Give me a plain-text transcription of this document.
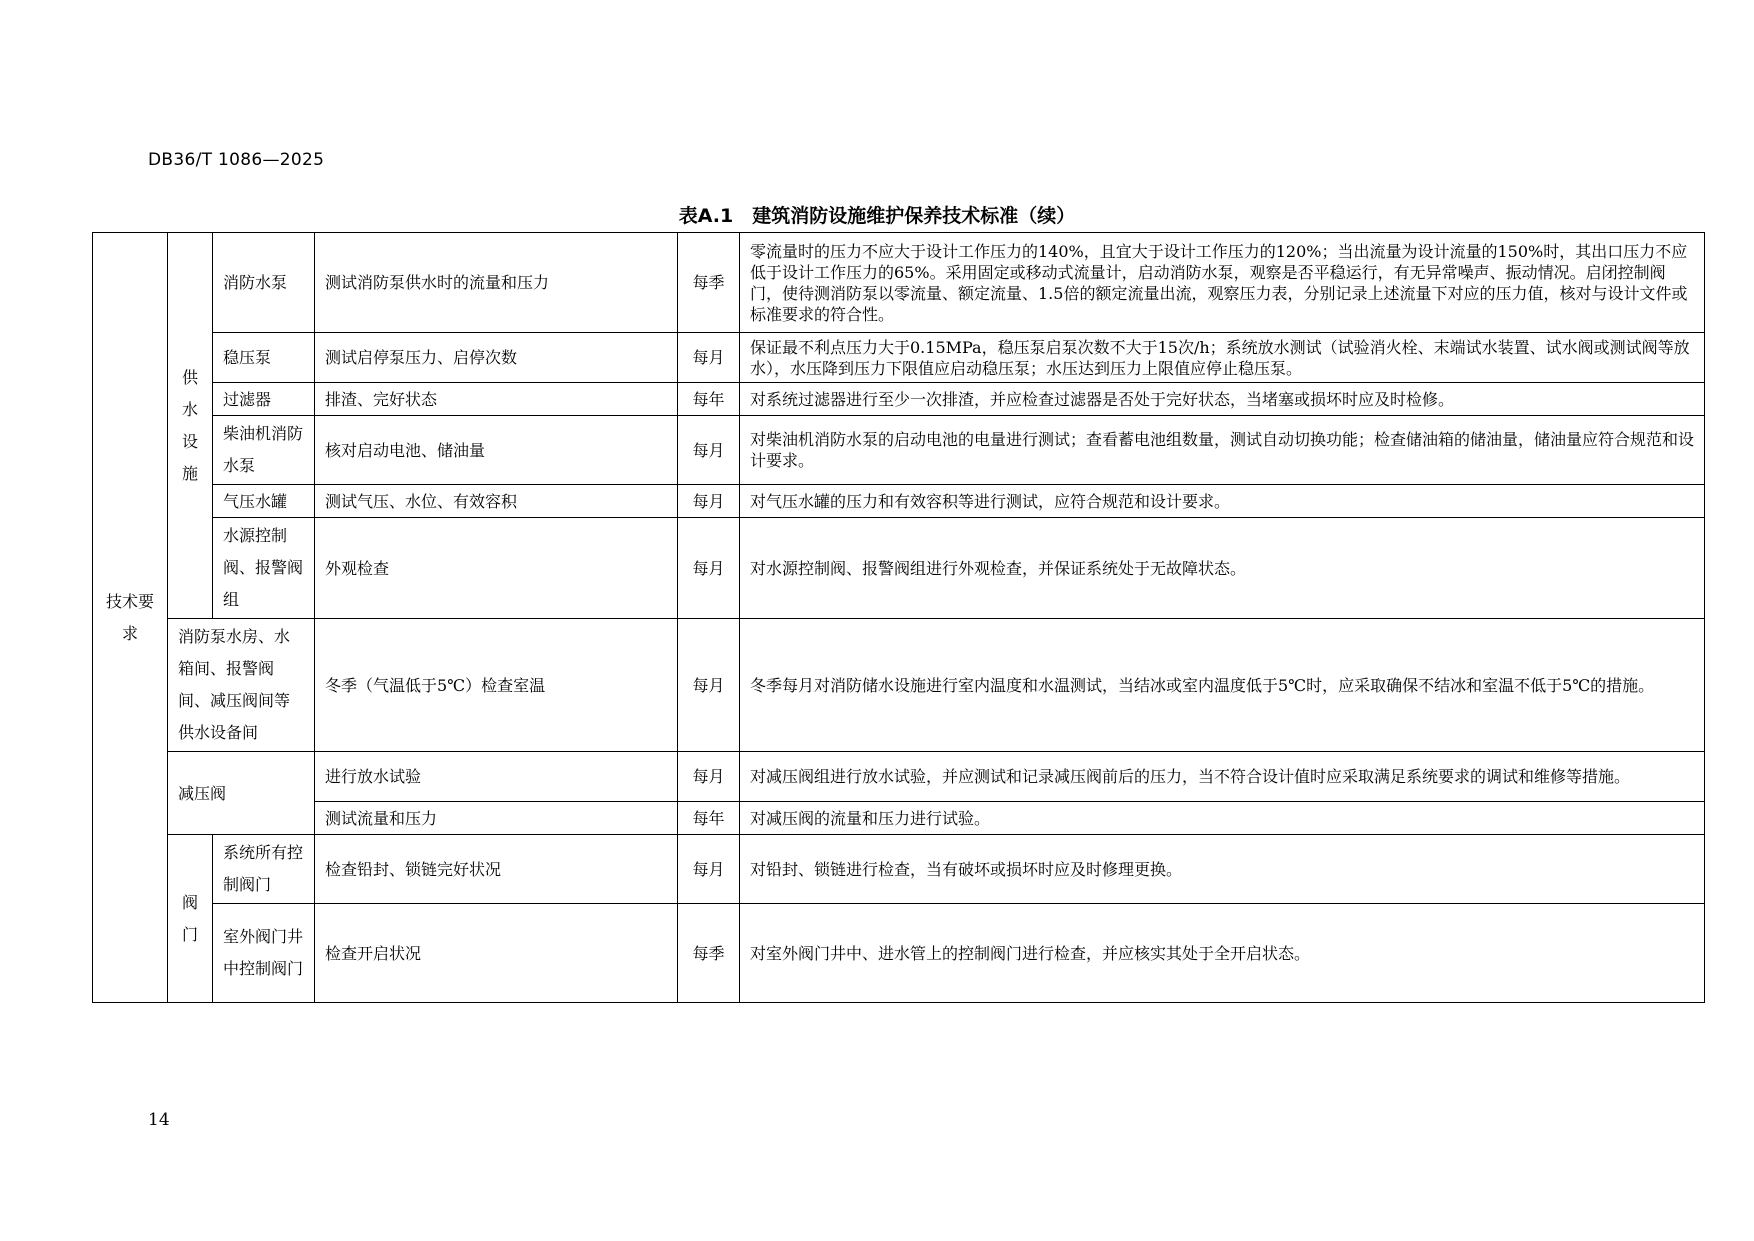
DB36/T 1086—2025
表A.1　建筑消防设施维护保养技术标准（续）
技术要求	供水设施	消防水泵	测试消防泵供水时的流量和压力	每季	零流量时的压力不应大于设计工作压力的140%，且宜大于设计工作压力的120%；当出流量为设计流量的150%时，其出口压力不应低于设计工作压力的65%。采用固定或移动式流量计，启动消防水泵，观察是否平稳运行，有无异常噪声、振动情况。启闭控制阀门，使待测消防泵以零流量、额定流量、1.5倍的额定流量出流，观察压力表，分别记录上述流量下对应的压力值，核对与设计文件或标准要求的符合性。
		稳压泵	测试启停泵压力、启停次数	每月	保证最不利点压力大于0.15MPa，稳压泵启泵次数不大于15次/h；系统放水测试（试验消火栓、末端试水装置、试水阀或测试阀等放水），水压降到压力下限值应启动稳压泵；水压达到压力上限值应停止稳压泵。
		过滤器	排渣、完好状态	每年	对系统过滤器进行至少一次排渣，并应检查过滤器是否处于完好状态，当堵塞或损坏时应及时检修。
		柴油机消防水泵	核对启动电池、储油量	每月	对柴油机消防水泵的启动电池的电量进行测试；查看蓄电池组数量，测试自动切换功能；检查储油箱的储油量，储油量应符合规范和设计要求。
		气压水罐	测试气压、水位、有效容积	每月	对气压水罐的压力和有效容积等进行测试，应符合规范和设计要求。
		水源控制阀、报警阀组	外观检查	每月	对水源控制阀、报警阀组进行外观检查，并保证系统处于无故障状态。
	消防泵水房、水箱间、报警阀间、减压阀间等供水设备间		冬季（气温低于5℃）检查室温	每月	冬季每月对消防储水设施进行室内温度和水温测试，当结冰或室内温度低于5℃时，应采取确保不结冰和室温不低于5℃的措施。
	减压阀		进行放水试验	每月	对减压阀组进行放水试验，并应测试和记录减压阀前后的压力，当不符合设计值时应采取满足系统要求的调试和维修等措施。
			测试流量和压力	每年	对减压阀的流量和压力进行试验。
	阀门	系统所有控制阀门	检查铅封、锁链完好状况	每月	对铅封、锁链进行检查，当有破坏或损坏时应及时修理更换。
		室外阀门井中控制阀门	检查开启状况	每季	对室外阀门井中、进水管上的控制阀门进行检查，并应核实其处于全开启状态。
14
